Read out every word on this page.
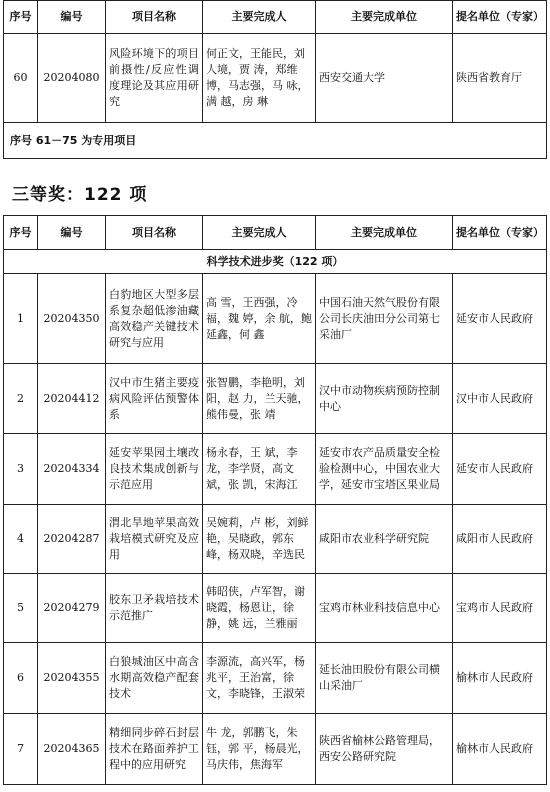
序号	编号	项目名称	主要完成人	主要完成单位	提名单位（专家）
60	20204080	风险环境下的项目前摄性/反应性调度理论及其应用研究	何正文，王能民，刘人境，贾 涛，郑维博，马志强，马 咏，满 越，房 琳	西安交通大学	陕西省教育厅
序号 61－75 为专用项目					
三等奖：122 项
序号	编号	项目名称	主要完成人	主要完成单位	提名单位（专家）
科学技术进步奖（122 项）					
1	20204350	白豹地区大型多层系复杂超低渗油藏高效稳产关键技术研究与应用	高 雪，王西强，冷 福，魏 婷，余 航，鲍延鑫，何 鑫	中国石油天然气股份有限公司长庆油田分公司第七采油厂	延安市人民政府
2	20204412	汉中市生猪主要疫病风险评估预警体系	张智鹏，李艳明，刘 阳，赵 力，兰天驰，熊伟曼，张 靖	汉中市动物疾病预防控制中心	汉中市人民政府
3	20204334	延安苹果园土壤改良技术集成创新与示范应用	杨永春，王 斌，李 龙，李学贤，高文斌，张 凯，宋海江	延安市农产品质量安全检验检测中心，中国农业大学，延安市宝塔区果业局	延安市人民政府
4	20204287	渭北旱地苹果高效栽培模式研究及应用	吴婉莉，卢 彬，刘鲜艳，吴晓政，郭东峰，杨双晓，辛选民	咸阳市农业科学研究院	咸阳市人民政府
5	20204279	胶东卫矛栽培技术示范推广	韩昭侠，卢军智，谢晓霞，杨恩让，徐 静，姚 远，兰雅丽	宝鸡市林业科技信息中心	宝鸡市人民政府
6	20204355	白狼城油区中高含水期高效稳产配套技术	李源流，高兴军，杨兆平，王治富，徐 文，李晓锋，王淑荣	延长油田股份有限公司横山采油厂	榆林市人民政府
7	20204365	精细同步碎石封层技术在路面养护工程中的应用研究	牛 龙，郭鹏飞，朱 钰，郭 平，杨晨光，马庆伟，焦海军	陕西省榆林公路管理局，西安公路研究院	榆林市人民政府
